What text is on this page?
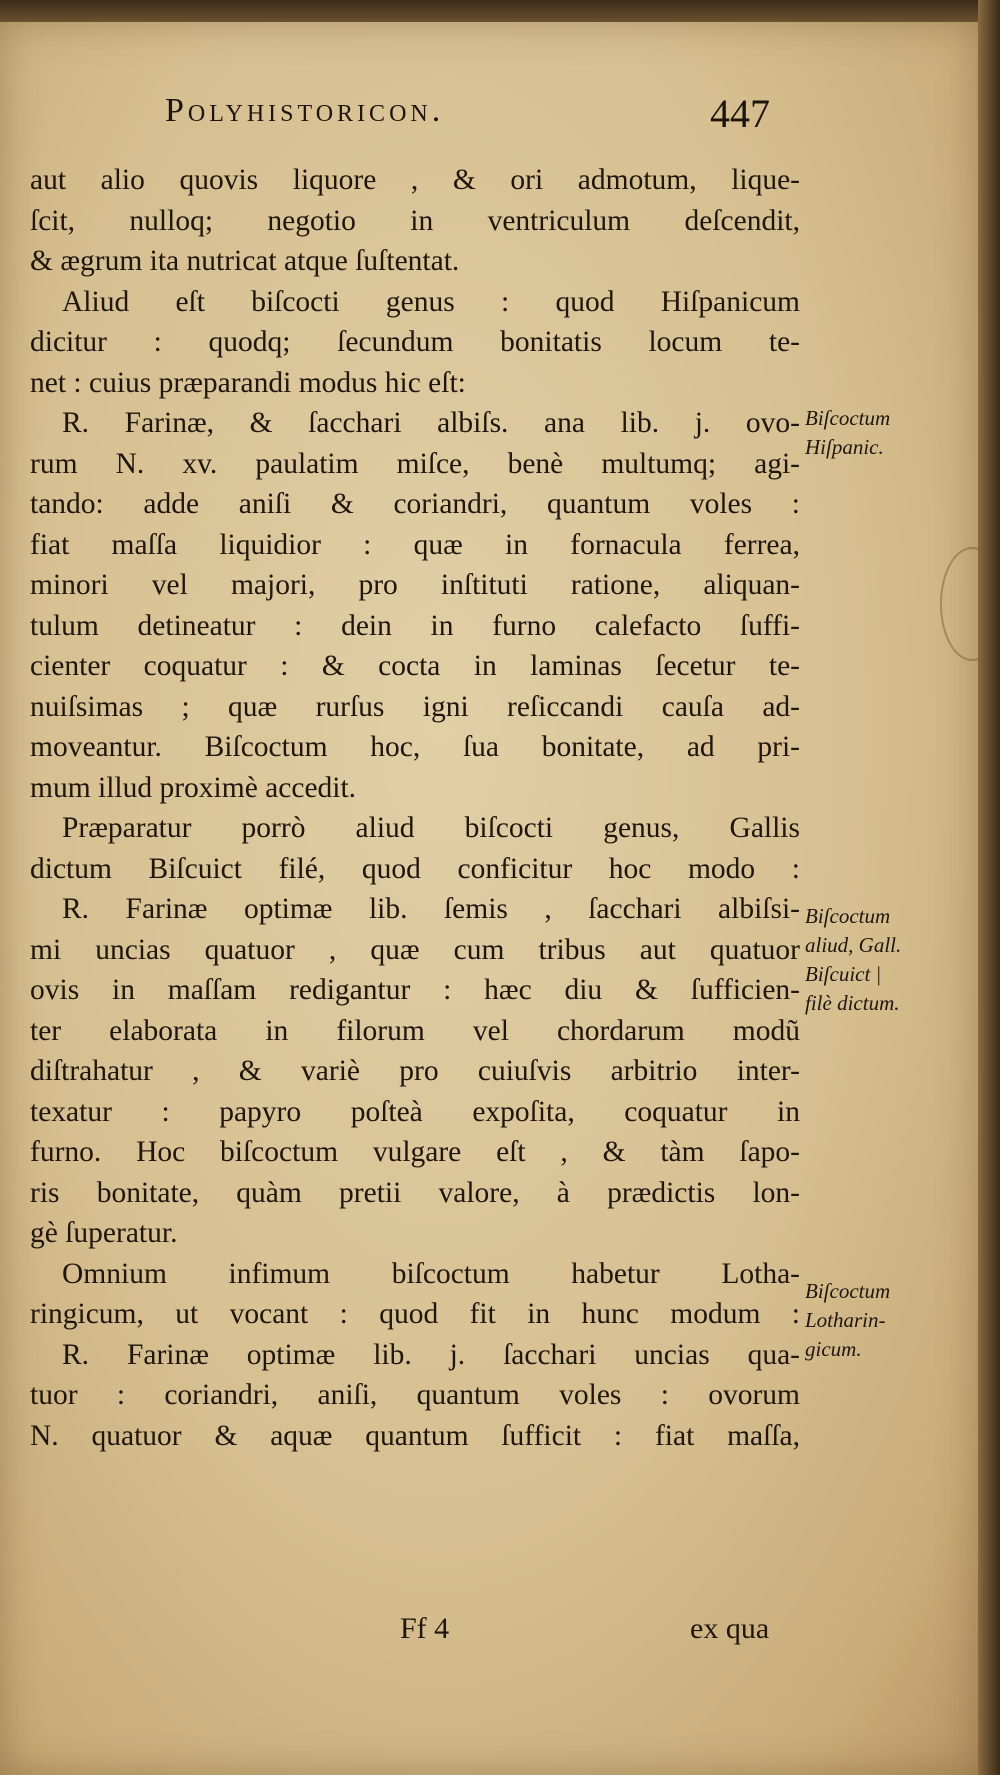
Polyhistoricon.	447
aut alio quovis liquore , & ori admotum, lique-
ſcit, nulloq; negotio in ventriculum deſcendit,
& ægrum ita nutricat atque ſuſtentat.
Aliud eſt biſcocti genus : quod Hiſpanicum
dicitur : quodq; ſecundum bonitatis locum te-
net : cuius præparandi modus hic eſt:
R. Farinæ, & ſacchari albiſs. ana lib. j. ovo-
rum N. xv. paulatim miſce, benè multumq; agi-
tando: adde aniſi & coriandri, quantum voles :
fiat maſſa liquidior : quæ in fornacula ferrea,
minori vel majori, pro inſtituti ratione, aliquan-
tulum detineatur : dein in furno calefacto ſuffi-
cienter coquatur : & cocta in laminas ſecetur te-
nuiſsimas ; quæ rurſus igni reſiccandi cauſa ad-
moveantur. Biſcoctum hoc, ſua bonitate, ad pri-
mum illud proximè accedit.
Præparatur porrò aliud biſcocti genus, Gallis
dictum Biſcuict filé, quod conficitur hoc modo :
R. Farinæ optimæ lib. ſemis , ſacchari albiſsi-
mi uncias quatuor , quæ cum tribus aut quatuor
ovis in maſſam redigantur : hæc diu & ſufficien-
ter elaborata in filorum vel chordarum modũ
diſtrahatur , & variè pro cuiuſvis arbitrio inter-
texatur : papyro poſteà expoſita, coquatur in
furno. Hoc biſcoctum vulgare eſt , & tàm ſapo-
ris bonitate, quàm pretii valore, à prædictis lon-
gè ſuperatur.
Omnium infimum biſcoctum habetur Lotha-
ringicum, ut vocant : quod fit in hunc modum :
R. Farinæ optimæ lib. j. ſacchari uncias qua-
tuor : coriandri, aniſi, quantum voles : ovorum
N. quatuor & aquæ quantum ſufficit : fiat maſſa,
Biſcoctum
Hiſpanic.
Biſcoctum
aliud, Gall.
Biſcuict |
filè dictum.
Biſcoctum
Lotharin-
gicum.
Ff 4	ex qua
